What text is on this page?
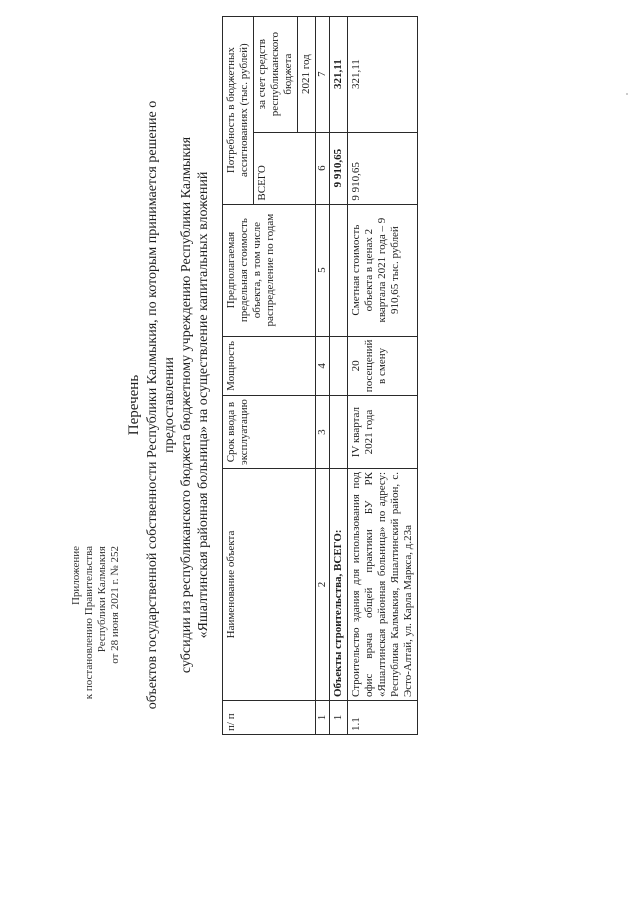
Приложение к постановлению Правительства Республики Калмыкия от 28 июня 2021 г. № 252
Перечень объектов государственной собственности Республики Калмыкия, по которым принимается решение о предоставлении субсидии из республиканского бюджета бюджетному учреждению Республики Калмыкия «Яшалтинская районная больница» на осуществление капитальных вложений
п/ п	Наименование объекта	Срок ввода в эксплуатацию	Мощность	Предполагаемая предельная стоимость объекта, в том числе распределение по годам	Потребность в бюджетных ассигнованиях (тыс. рублей)	
					ВСЕГО	за счет средств республиканского бюджета
						2021 год
1	2	3	4	5	6	7
1	Объекты строительства, ВСЕГО:				9 910,65	321,11
1.1	Строительство здания для использования под офис врача общей практики БУ РК «Яшалтинская районная больница» по адресу: Республика Калмыкия, Яшалтинский район, с. Эсто-Алтай, ул. Карла Маркса, д.23а	IV квартал 2021 года	20 посещений в смену	Сметная стоимость объекта в ценах 2 квартала 2021 года – 9 910,65 тыс. рублей	9 910,65	321,11
